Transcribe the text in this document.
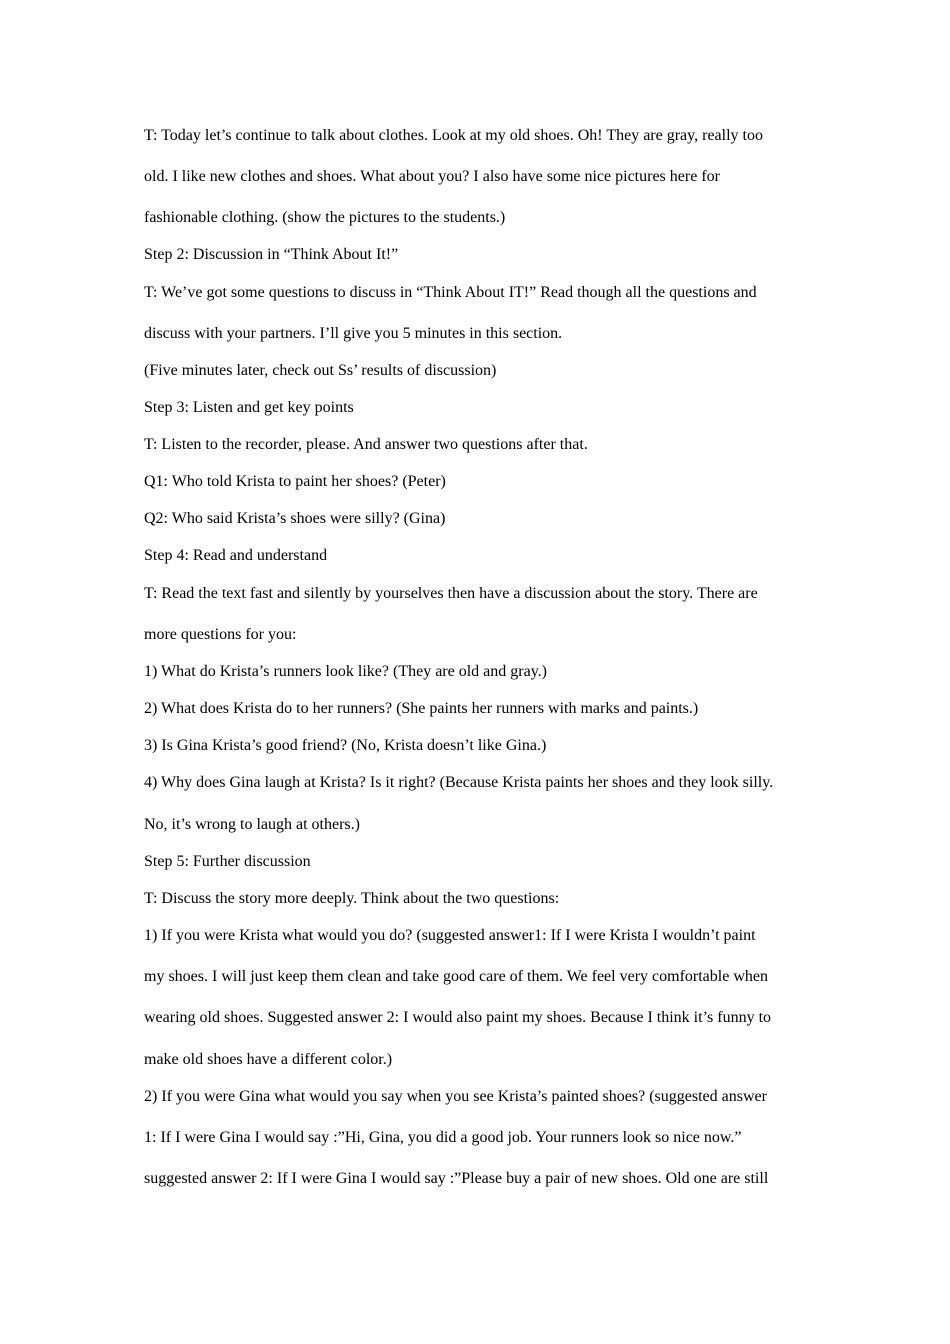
T: Today let’s continue to talk about clothes. Look at my old shoes. Oh! They are gray, really too

old. I like new clothes and shoes. What about you? I also have some nice pictures here for

fashionable clothing. (show the pictures to the students.)

Step 2: Discussion in “Think About It!”

T: We’ve got some questions to discuss in “Think About IT!” Read though all the questions and

discuss with your partners. I’ll give you 5 minutes in this section.

(Five minutes later, check out Ss’ results of discussion)

Step 3: Listen and get key points

T: Listen to the recorder, please. And answer two questions after that.

Q1: Who told Krista to paint her shoes? (Peter)

Q2: Who said Krista’s shoes were silly? (Gina)

Step 4: Read and understand

T: Read the text fast and silently by yourselves then have a discussion about the story. There are

more questions for you:

1) What do Krista’s runners look like? (They are old and gray.)

2) What does Krista do to her runners? (She paints her runners with marks and paints.)

3) Is Gina Krista’s good friend? (No, Krista doesn’t like Gina.)

4) Why does Gina laugh at Krista? Is it right? (Because Krista paints her shoes and they look silly.

No, it’s wrong to laugh at others.)

Step 5: Further discussion

T: Discuss the story more deeply. Think about the two questions:

1) If you were Krista what would you do? (suggested answer1: If I were Krista I wouldn’t paint

my shoes. I will just keep them clean and take good care of them. We feel very comfortable when

wearing old shoes. Suggested answer 2: I would also paint my shoes. Because I think it’s funny to

make old shoes have a different color.)

2) If you were Gina what would you say when you see Krista’s painted shoes? (suggested answer

1: If I were Gina I would say :”Hi, Gina, you did a good job. Your runners look so nice now.”

suggested answer 2: If I were Gina I would say :”Please buy a pair of new shoes. Old one are still
